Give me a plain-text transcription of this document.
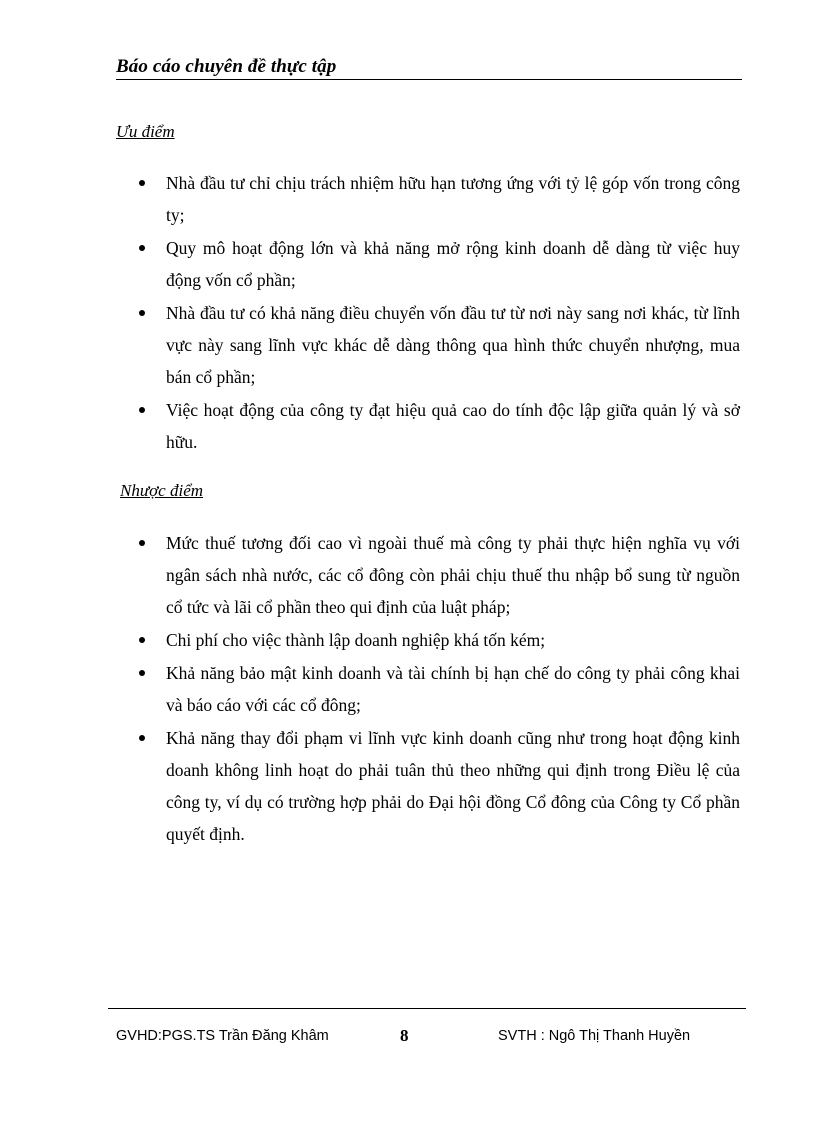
Báo cáo chuyên đề thực tập
Ưu điểm
Nhà đầu tư chỉ chịu trách nhiệm hữu hạn tương ứng với tỷ lệ góp vốn trong công ty;
Quy mô hoạt động lớn và khả năng mở rộng kinh doanh dễ dàng từ việc huy động vốn cổ phần;
Nhà đầu tư có khả năng điều chuyển vốn đầu tư từ nơi này sang nơi khác, từ lĩnh vực này sang lĩnh vực khác dễ dàng thông qua hình thức chuyển nhượng, mua bán cổ phần;
Việc hoạt động của công ty đạt hiệu quả cao do tính độc lập giữa quản lý và sở hữu.
Nhược điểm
Mức thuế tương đối cao vì ngoài thuế mà công ty phải thực hiện nghĩa vụ với ngân sách nhà nước, các cổ đông còn phải chịu thuế thu nhập bổ sung từ nguồn cổ tức và lãi cổ phần theo qui định của luật pháp;
Chi phí cho việc thành lập doanh nghiệp khá tốn kém;
Khả năng bảo mật kinh doanh và tài chính bị hạn chế do công ty phải công khai và báo cáo với các cổ đông;
Khả năng thay đổi phạm vi lĩnh vực kinh doanh cũng như trong hoạt động kinh doanh không linh hoạt do phải tuân thủ theo những qui định trong Điều lệ của công ty, ví dụ có trường hợp phải do Đại hội đồng Cổ đông của Công ty Cổ phần quyết định.
GVHD:PGS.TS Trần Đăng Khâm	8	SVTH : Ngô Thị Thanh Huyền
